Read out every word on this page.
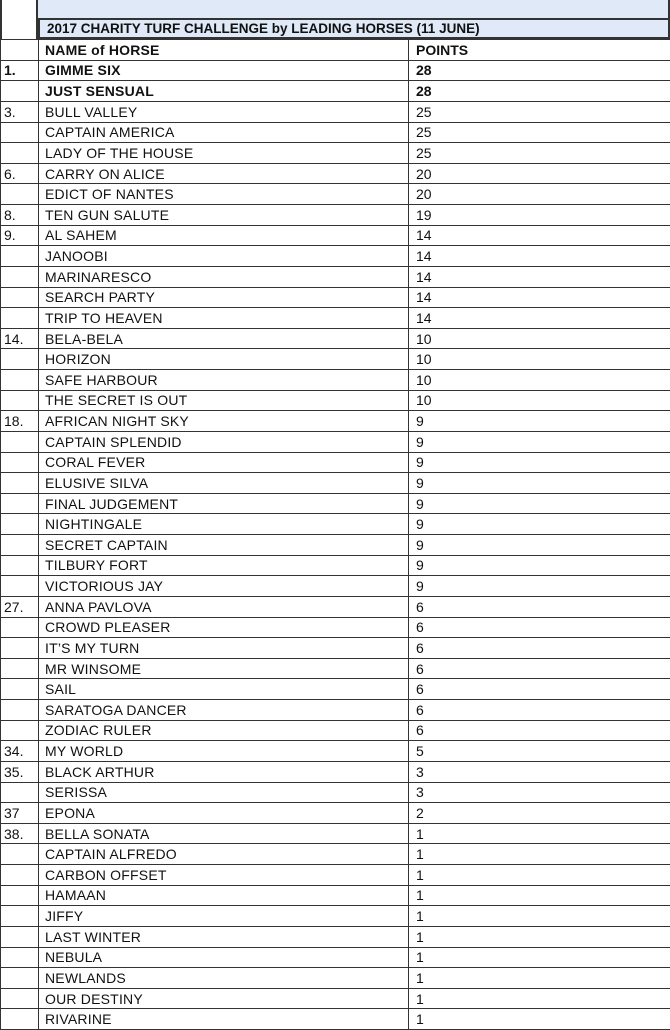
2017 CHARITY TURF CHALLENGE by LEADING HORSES (11 JUNE)
	NAME of HORSE	POINTS
1.	GIMME SIX	28
	JUST SENSUAL	28
3.	BULL VALLEY	25
	CAPTAIN AMERICA	25
	LADY OF THE HOUSE	25
6.	CARRY ON ALICE	20
	EDICT OF NANTES	20
8.	TEN GUN SALUTE	19
9.	AL SAHEM	14
	JANOOBI	14
	MARINARESCO	14
	SEARCH PARTY	14
	TRIP TO HEAVEN	14
14.	BELA-BELA	10
	HORIZON	10
	SAFE HARBOUR	10
	THE SECRET IS OUT	10
18.	AFRICAN NIGHT SKY	9
	CAPTAIN SPLENDID	9
	CORAL FEVER	9
	ELUSIVE SILVA	9
	FINAL JUDGEMENT	9
	NIGHTINGALE	9
	SECRET CAPTAIN	9
	TILBURY FORT	9
	VICTORIOUS JAY	9
27.	ANNA PAVLOVA	6
	CROWD PLEASER	6
	IT’S MY TURN	6
	MR WINSOME	6
	SAIL	6
	SARATOGA DANCER	6
	ZODIAC RULER	6
34.	MY WORLD	5
35.	BLACK ARTHUR	3
	SERISSA	3
37	EPONA	2
38.	BELLA SONATA	1
	CAPTAIN ALFREDO	1
	CARBON OFFSET	1
	HAMAAN	1
	JIFFY	1
	LAST WINTER	1
	NEBULA	1
	NEWLANDS	1
	OUR DESTINY	1
	RIVARINE	1
